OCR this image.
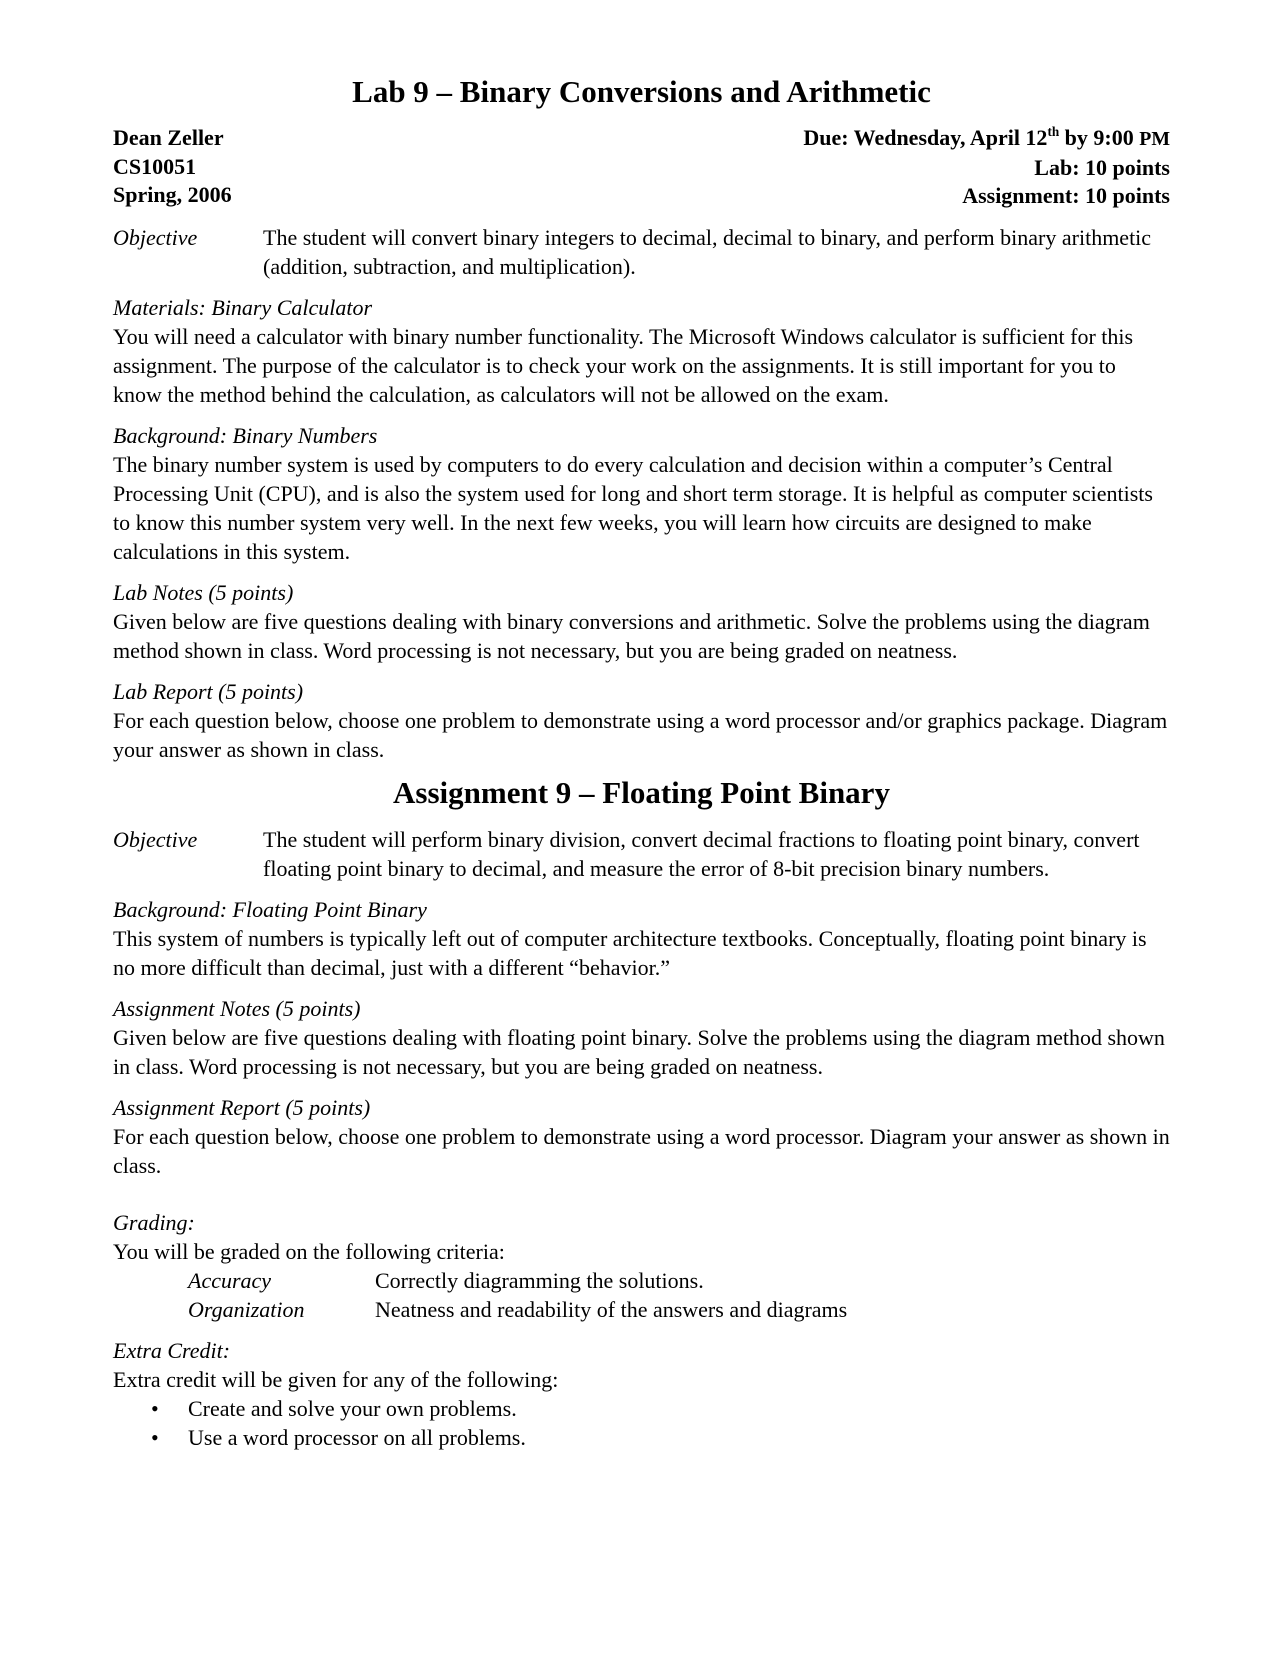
Lab 9 – Binary Conversions and Arithmetic
Dean Zeller
CS10051
Spring, 2006
Due: Wednesday, April 12th by 9:00 PM
Lab: 10 points
Assignment: 10 points
Objective	The student will convert binary integers to decimal, decimal to binary, and perform binary arithmetic (addition, subtraction, and multiplication).
Materials: Binary Calculator
You will need a calculator with binary number functionality. The Microsoft Windows calculator is sufficient for this assignment. The purpose of the calculator is to check your work on the assignments. It is still important for you to know the method behind the calculation, as calculators will not be allowed on the exam.
Background: Binary Numbers
The binary number system is used by computers to do every calculation and decision within a computer’s Central Processing Unit (CPU), and is also the system used for long and short term storage. It is helpful as computer scientists to know this number system very well. In the next few weeks, you will learn how circuits are designed to make calculations in this system.
Lab Notes (5 points)
Given below are five questions dealing with binary conversions and arithmetic. Solve the problems using the diagram method shown in class. Word processing is not necessary, but you are being graded on neatness.
Lab Report (5 points)
For each question below, choose one problem to demonstrate using a word processor and/or graphics package. Diagram your answer as shown in class.
Assignment 9 – Floating Point Binary
Objective	The student will perform binary division, convert decimal fractions to floating point binary, convert floating point binary to decimal, and measure the error of 8-bit precision binary numbers.
Background: Floating Point Binary
This system of numbers is typically left out of computer architecture textbooks. Conceptually, floating point binary is no more difficult than decimal, just with a different “behavior.”
Assignment Notes (5 points)
Given below are five questions dealing with floating point binary. Solve the problems using the diagram method shown in class. Word processing is not necessary, but you are being graded on neatness.
Assignment Report (5 points)
For each question below, choose one problem to demonstrate using a word processor. Diagram your answer as shown in class.
Grading:
You will be graded on the following criteria:
Accuracy	Correctly diagramming the solutions.
Organization	Neatness and readability of the answers and diagrams
Extra Credit:
Extra credit will be given for any of the following:
• Create and solve your own problems.
• Use a word processor on all problems.
